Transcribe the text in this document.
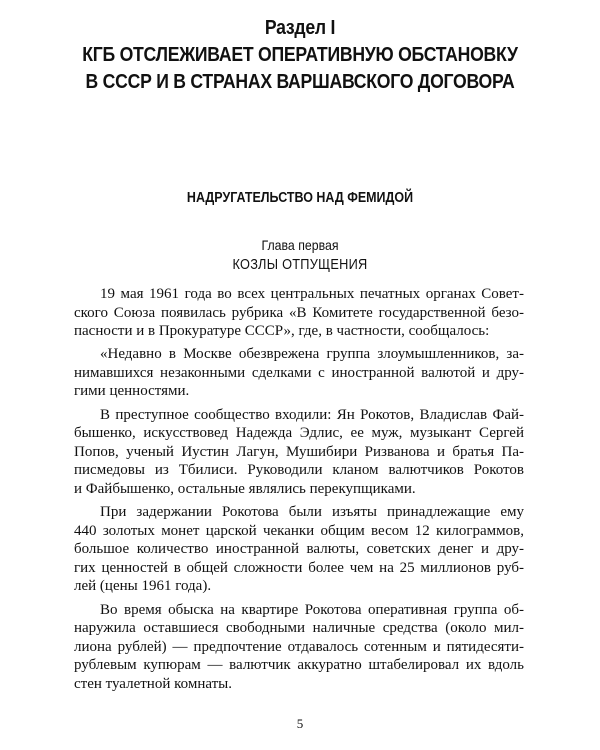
Раздел I
КГБ ОТСЛЕЖИВАЕТ ОПЕРАТИВНУЮ ОБСТАНОВКУ
В СССР И В СТРАНАХ ВАРШАВСКОГО ДОГОВОРА
НАДРУГАТЕЛЬСТВО НАД ФЕМИДОЙ
Глава первая
КОЗЛЫ ОТПУЩЕНИЯ

19 мая 1961 года во всех центральных печатных органах Совет-
ского Союза появилась рубрика «В Комитете государственной безо-
пасности и в Прокуратуре СССР», где, в частности, сообщалось:

«Недавно в Москве обезврежена группа злоумышленников, за-
нимавшихся незаконными сделками с иностранной валютой и дру-
гими ценностями.

В преступное сообщество входили: Ян Рокотов, Владислав Фай-
бышенко, искусствовед Надежда Эдлис, ее муж, музыкант Сергей
Попов, ученый Иустин Лагун, Мушибири Ризванова и братья Па-
писмедовы из Тбилиси. Руководили кланом валютчиков Рокотов
и Файбышенко, остальные являлись перекупщиками.

При задержании Рокотова были изъяты принадлежащие ему
440 золотых монет царской чеканки общим весом 12 килограммов,
большое количество иностранной валюты, советских денег и дру-
гих ценностей в общей сложности более чем на 25 миллионов руб-
лей (цены 1961 года).

Во время обыска на квартире Рокотова оперативная группа об-
наружила оставшиеся свободными наличные средства (около мил-
лиона рублей) — предпочтение отдавалось сотенным и пятидесяти-
рублевым купюрам — валютчик аккуратно штабелировал их вдоль
стен туалетной комнаты.

5
